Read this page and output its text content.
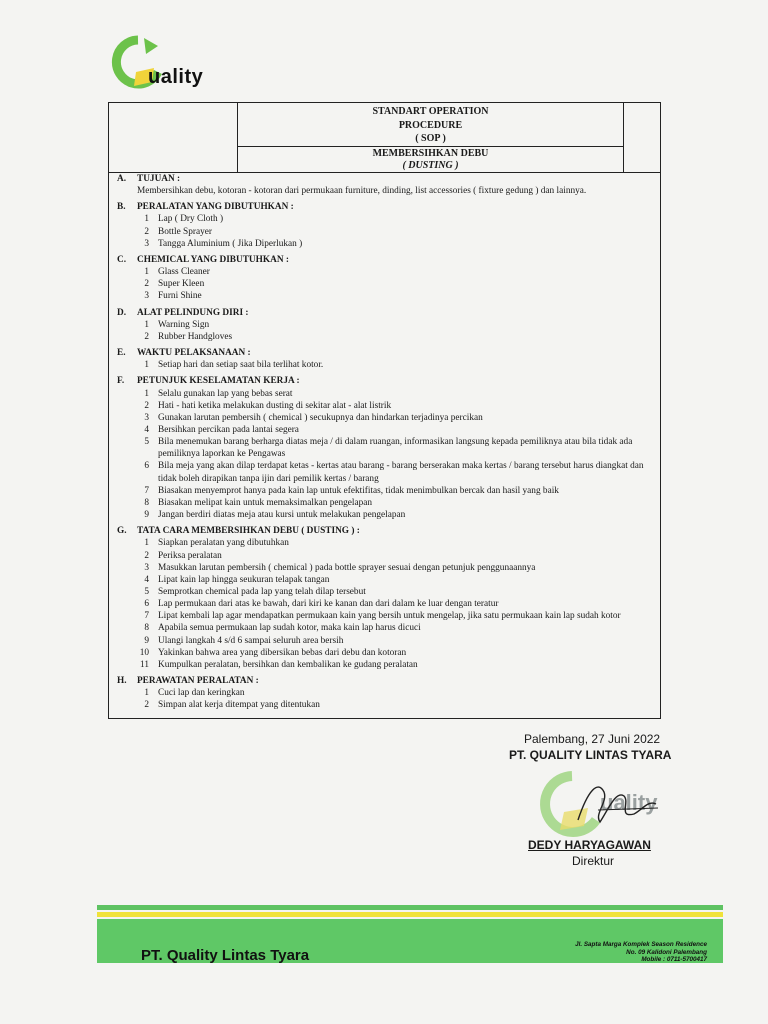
uality
STANDART OPERATION
PROCEDURE
( SOP )
MEMBERSIHKAN DEBU
( DUSTING )
A.	TUJUAN :
Membersihkan debu, kotoran - kotoran dari permukaan furniture, dinding, list accessories ( fixture gedung ) dan lainnya.
B.	PERALATAN YANG DIBUTUHKAN :
1 Lap ( Dry Cloth )
2 Bottle Sprayer
3 Tangga Aluminium ( Jika Diperlukan )
C.	CHEMICAL YANG DIBUTUHKAN :
1 Glass Cleaner
2 Super Kleen
3 Furni Shine
D.	ALAT PELINDUNG DIRI :
1 Warning Sign
2 Rubber Handgloves
E.	WAKTU PELAKSANAAN :
1 Setiap hari dan setiap saat bila terlihat kotor.
F.	PETUNJUK KESELAMATAN KERJA :
1 Selalu gunakan lap yang bebas serat
2 Hati - hati ketika melakukan dusting di sekitar alat - alat listrik
3 Gunakan larutan pembersih ( chemical ) secukupnya dan hindarkan terjadinya percikan
4 Bersihkan percikan pada lantai segera
5 Bila menemukan barang berharga diatas meja / di dalam ruangan, informasikan langsung kepada pemiliknya atau bila tidak ada pemiliknya laporkan ke Pengawas
6 Bila meja yang akan dilap terdapat ketas - kertas atau barang - barang berserakan maka kertas / barang tersebut harus diangkat dan tidak boleh dirapikan tanpa ijin dari pemilik kertas / barang
7 Biasakan menyemprot hanya pada kain lap untuk efektifitas, tidak menimbulkan bercak dan hasil yang baik
8 Biasakan melipat kain untuk memaksimalkan pengelapan
9 Jangan berdiri diatas meja atau kursi untuk melakukan pengelapan
G.	TATA CARA MEMBERSIHKAN DEBU ( DUSTING ) :
1 Siapkan peralatan yang dibutuhkan
2 Periksa peralatan
3 Masukkan larutan pembersih ( chemical ) pada bottle sprayer sesuai dengan petunjuk penggunaannya
4 Lipat kain lap hingga seukuran telapak tangan
5 Semprotkan chemical pada lap yang telah dilap tersebut
6 Lap permukaan dari atas ke bawah, dari kiri ke kanan dan dari dalam ke luar dengan teratur
7 Lipat kembali lap agar mendapatkan permukaan kain yang bersih untuk mengelap, jika satu permukaan kain lap sudah kotor
8 Apabila semua permukaan lap sudah kotor, maka kain lap harus dicuci
9 Ulangi langkah 4 s/d 6 sampai seluruh area bersih
10 Yakinkan bahwa area yang dibersikan bebas dari debu dan kotoran
11 Kumpulkan peralatan, bersihkan dan kembalikan ke gudang peralatan
H.	PERAWATAN PERALATAN :
1 Cuci lap dan keringkan
2 Simpan alat kerja ditempat yang ditentukan
Palembang, 27 Juni 2022
PT. QUALITY LINTAS TYARA
uality
DEDY HARYAGAWAN
Direktur
PT. Quality Lintas Tyara
Jl. Sapta Marga Komplek Season Residence
No. 09 Kalidoni Palembang
Mobile : 0711-5700417
